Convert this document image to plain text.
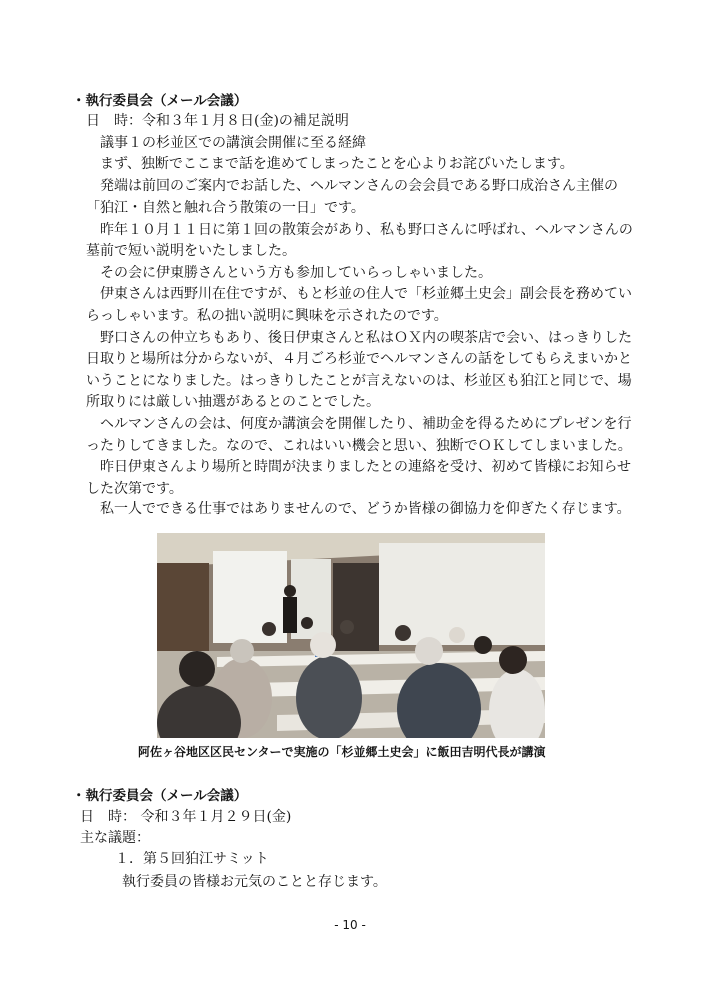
・執行委員会（メール会議）
日　時：令和３年１月８日(金)の補足説明
議事１の杉並区での講演会開催に至る経緯
まず、独断でここまで話を進めてしまったことを心よりお詫びいたします。
発端は前回のご案内でお話した、ヘルマンさんの会会員である野口成治さん主催の
「狛江・自然と触れ合う散策の一日」です。
昨年１０月１１日に第１回の散策会があり、私も野口さんに呼ばれ、ヘルマンさんの
墓前で短い説明をいたしました。
その会に伊東勝さんという方も参加していらっしゃいました。
伊東さんは西野川在住ですが、もと杉並の住人で「杉並郷土史会」副会長を務めてい
らっしゃいます。私の拙い説明に興味を示されたのです。
野口さんの仲立ちもあり、後日伊東さんと私はＯＸ内の喫茶店で会い、はっきりした
日取りと場所は分からないが、４月ごろ杉並でヘルマンさんの話をしてもらえまいかと
いうことになりました。はっきりしたことが言えないのは、杉並区も狛江と同じで、場
所取りには厳しい抽選があるとのことでした。
ヘルマンさんの会は、何度か講演会を開催したり、補助金を得るためにプレゼンを行
ったりしてきました。なので、これはいい機会と思い、独断でＯＫしてしまいました。
昨日伊東さんより場所と時間が決まりましたとの連絡を受け、初めて皆様にお知らせ
した次第です。
私一人でできる仕事ではありませんので、どうか皆様の御協力を仰ぎたく存じます。
阿佐ヶ谷地区区民センターで実施の「杉並郷土史会」に飯田吉明代長が講演
・執行委員会（メール会議）
日　時： 令和３年１月２９日(金)
主な議題：
１．第５回狛江サミット
執行委員の皆様お元気のことと存じます。
- 10 -
